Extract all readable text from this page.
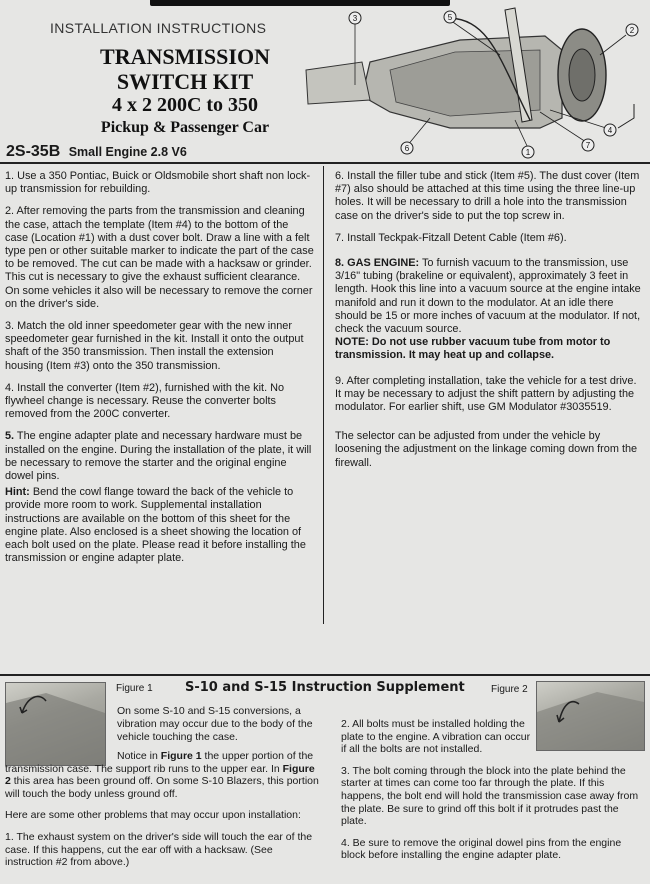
INSTALLATION INSTRUCTIONS
TRANSMISSION
SWITCH KIT
4 x 2 200C to 350
Pickup & Passenger Car
2S-35B Small Engine 2.8 V6
3	5
2
4
7
1
6

1. Use a 350 Pontiac, Buick or Oldsmobile short shaft non lock-up transmission for rebuilding.

2. After removing the parts from the transmission and cleaning the case, attach the template (Item #4) to the bottom of the case (Location #1) with a dust cover bolt. Draw a line with a felt type pen or other suitable marker to indicate the part of the case to be removed. The cut can be made with a hacksaw or grinder. This cut is necessary to give the exhaust sufficient clearance. On some vehicles it also will be necessary to remove the corner on the driver's side.

3. Match the old inner speedometer gear with the new inner speedometer gear furnished in the kit. Install it onto the output shaft of the 350 transmission. Then install the extension housing (Item #3) onto the 350 transmission.

4. Install the converter (Item #2), furnished with the kit. No flywheel change is necessary. Reuse the converter bolts removed from the 200C converter.

5. The engine adapter plate and necessary hardware must be installed on the engine. During the installation of the plate, it will be necessary to remove the starter and the original engine dowel pins.

Hint: Bend the cowl flange toward the back of the vehicle to provide more room to work. Supplemental installation instructions are available on the bottom of this sheet for the engine plate. Also enclosed is a sheet showing the location of each bolt used on the plate. Please read it before installing the transmission or engine adapter plate.

6. Install the filler tube and stick (Item #5). The dust cover (Item #7) also should be attached at this time using the three line-up holes. It will be necessary to drill a hole into the transmission case on the driver's side to put the top screw in.

7. Install Teckpak-Fitzall Detent Cable (Item #6).

8. GAS ENGINE: To furnish vacuum to the transmission, use 3/16" tubing (brakeline or equivalent), approximately 3 feet in length. Hook this line into a vacuum source at the engine intake manifold and run it down to the modulator. At an idle there should be 15 or more inches of vacuum at the modulator. If not, check the vacuum source.

NOTE: Do not use rubber vacuum tube from motor to transmission. It may heat up and collapse.

9. After completing installation, take the vehicle for a test drive. It may be necessary to adjust the shift pattern by adjusting the modulator. For earlier shift, use GM Modulator #3035519.

The selector can be adjusted from under the vehicle by loosening the adjustment on the linkage coming down from the firewall.

Figure 1 S-10 and S-15 Instruction Supplement	Figure 2
On some S-10 and S-15 conversions, a vibration may occur due to the body of the vehicle touching the case.

Notice in Figure 1 the upper portion of the transmission case. The support rib runs to the upper ear. In Figure 2 this area has been ground off. On some S-10 Blazers, this portion will touch the body unless ground off.

Here are some other problems that may occur upon installation:

1. The exhaust system on the driver's side will touch the ear of the case. If this happens, cut the ear off with a hacksaw. (See instruction #2 from above.)

2. All bolts must be installed holding the plate to the engine. A vibration can occur if all the bolts are not installed.

3. The bolt coming through the block into the plate behind the starter at times can come too far through the plate. If this happens, the bolt end will hold the transmission case away from the plate. Be sure to grind off this bolt if it protrudes past the plate.

4. Be sure to remove the original dowel pins from the engine block before installing the engine adapter plate.
